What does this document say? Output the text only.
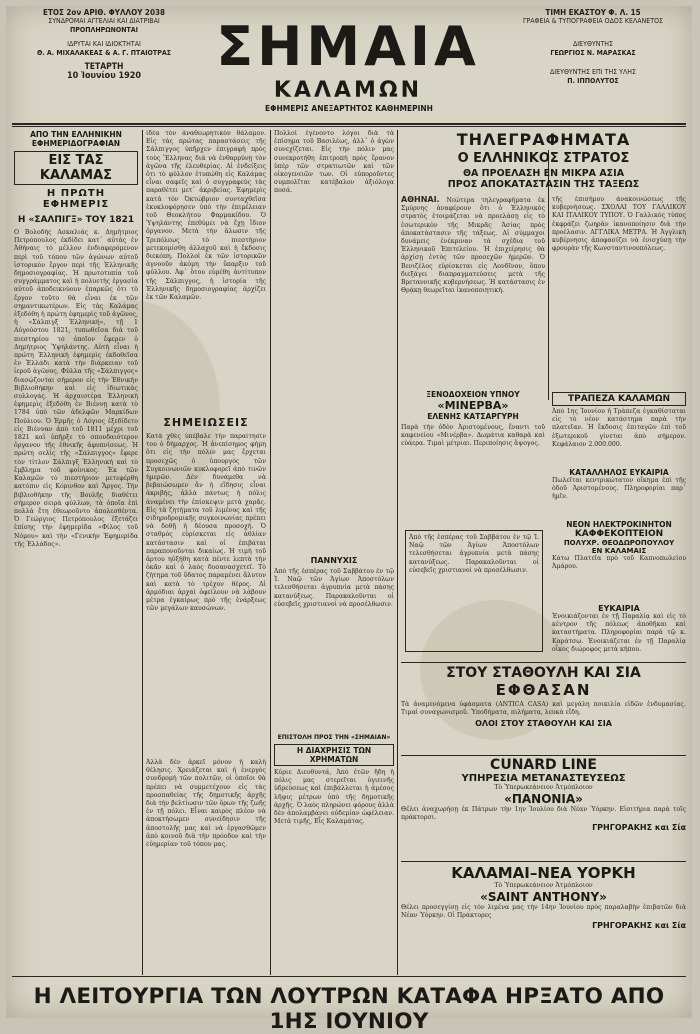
ΕΤΟΣ 2ον ΑΡΙΘ. ΦΥΛΛΟΥ 2038
ΣΥΝΔΡΟΜΑΙ ΑΓΓΕΛΙΑΙ ΚΑΙ ΔΙΑΤΡΙΒΑΙ
ΠΡΟΠΛΗΡΩΝΟΝΤΑΙ
ΙΔΡΥΤΑΙ ΚΑΙ ΙΔΙΟΚΤΗΤΑΙ
Θ. Α. ΜΙΧΑΛΑΚΕΑΣ & Α. Γ. ΠΤΑΙΟΤΡΑΣ
ΤΕΤΑΡΤΗ
10 Ἰουνίου 1920	ΣΗΜΑΙΑ
ΚΑΛΑΜΩΝ
ΕΦΗΜΕΡΙΣ ΑΝΕΞΑΡΤΗΤΟΣ ΚΑΘΗΜΕΡΙΝΗ
ΤΙΜΗ ΕΚΑΣΤΟΥ Φ. Λ. 15
ΓΡΑΦΕΙΑ & ΤΥΠΟΓΡΑΦΕΙΑ ΟΔΟΣ ΚΕΛΑΝΕΤΟΣ
ΔΙΕΥΘΥΝΤΗΣ
ΓΕΩΡΓΙΟΣ Ν. ΜΑΡΑΣΚΑΣ
ΔΙΕΥΘΥΝΤΗΣ ΕΠΙ ΤΗΣ ΥΛΗΣ
Π. ΙΠΠΟΛΥΤΟΣ
ΑΠΟ ΤΗΝ ΕΛΛΗΝΙΚΗΝ ΕΦΗΜΕΡΙΔΟΓΡΑΦΙΑΝ
ΕΙΣ ΤΑΣ ΚΑΛΑΜΑΣ
Η ΠΡΩΤΗ ΕΦΗΜΕΡΙΣ
Η «ΣΑΛΠΙΓΞ» ΤΟΥ 1821
Ο Βολοδής Ασκαλιάς κ. Δημήτριος Πετρόπουλος ἐκδίδει κατ᾽ αὐτὰς ἐν Ἀθήναις τὸ μέλλον ἐνδιαφερόμενον περὶ τοῦ τόπου τῶν ἀγώνων αὐτοῦ ἱστορικὸν ἔργον περὶ τῆς Ἑλληνικῆς δημοσιογραφίας. Ἡ πρωτοτυπία τοῦ συγγράμματος καὶ ἡ πολυετὴς ἐργασία αὐτοῦ ἀποδεικνύουν ἐπαρκῶς ὅτι τὸ ἔργον τοῦτο θὰ εἶναι ἐκ τῶν σημαντικωτέρων. Εἰς τὰς Καλάμας ἐξεδόθη ἡ πρώτη ἐφημερὶς τοῦ ἀγῶνος, ἡ «Σάλπιγξ Ἑλληνική», τῇ 1 Αὐγούστου 1821, τυπωθεῖσα διὰ τοῦ πιεστηρίου τὸ ὁποῖον ἔφερεν ὁ Δημήτριος Ὑψηλάντης. Αὐτὴ εἶναι ἡ πρώτη Ἑλληνικὴ ἐφημερὶς ἐκδοθεῖσα ἐν Ἑλλάδι κατὰ τὴν διάρκειαν τοῦ ἱεροῦ ἀγῶνος. Φύλλα τῆς «Σάλπιγγος» διασῴζονται σήμερον εἰς τὴν Ἐθνικὴν Βιβλιοθήκην καὶ εἰς ἰδιωτικὰς συλλογάς. Ἡ ἀρχαιοτέρα Ἑλληνικὴ ἐφημερὶς ἐξεδόθη ἐν Βιέννῃ κατὰ τὸ 1784 ὑπὸ τῶν ἀδελφῶν Μαρκίδων Πούλιου. Ὁ Ἑρμῆς ὁ Λόγιος ἐξεδίδετο εἰς Βιένναν ἀπὸ τοῦ 1811 μέχρι τοῦ 1821 καὶ ὑπῆρξε τὸ σπουδαιότερον ὄργανον τῆς ἐθνικῆς ἀφυπνίσεως. Ἡ πρώτη σελὶς τῆς «Σάλπιγγος» ἔφερε τὸν τίτλον Σάλπιγξ Ἑλληνική καὶ τὸ ἔμβλημα τοῦ φοίνικος. Ἐκ τῶν Καλαμῶν τὸ πιεστήριον μετεφέρθη κατόπιν εἰς Κόρινθον καὶ Ἄργος. Τὴν βιβλιοθήκην τῆς Βουλῆς διαθέτει σήμερον σειρὰ φύλλων, τὰ ὁποῖα ἐπὶ πολλὰ ἔτη ἐθεωροῦντο ἀπολεσθέντα. Ὁ Γεώργιος Πετρόπουλος ἐξετάζει ἐπίσης τὴν ἐφημερίδα «Φίλος τοῦ Νόμου» καὶ τὴν «Γενικὴν Ἐφημερίδα τῆς Ἑλλάδος».
ἰδέα τὸν ἀναθεωρητικὸν θάλαμον. Εἰς τὰς πρώτας παραστάσεις τῆς Σάλπιγγος ὑπῆρχεν ἐπιγραφὴ πρὸς τοὺς Ἕλληνας διὰ νὰ ἐνθαρρύνῃ τὸν ἀγῶνα τῆς ἐλευθερίας. Αἱ ἐνδείξεις ὅτι τὸ φύλλον ἐτυπώθη εἰς Καλάμας εἶναι σαφεῖς καὶ ὁ συγγραφεὺς τὰς παραθέτει μετ᾽ ἀκριβείας. Ἐφημερὶς κατὰ τὸν Ὀκτώβριον συνταχθεῖσα ἐκυκλοφόρησεν ὑπὸ τὴν ἐπιμέλειαν τοῦ Θεοκλήτου Φαρμακίδου. Ὁ Ὑψηλάντης ἐπεθύμει νὰ ἔχῃ ἴδιον ὄργανον. Μετὰ τὴν ἅλωσιν τῆς Τριπόλεως τὸ πιεστήριον μετεκομίσθη ἀλλαχοῦ καὶ ἡ ἔκδοσις διεκόπη. Πολλοὶ ἐκ τῶν ἱστορικῶν ἀγνοοῦν ἀκόμη τὴν ὕπαρξιν τοῦ φύλλου. Ἀφ᾽ ὅτου εὑρέθη ἀντίτυπον τῆς Σάλπιγγος, ἡ ἱστορία τῆς Ἑλληνικῆς δημοσιογραφίας ἀρχίζει ἐκ τῶν Καλαμῶν.
ΣΗΜΕΙΩΣΕΙΣ
Κατὰ χθὲς ὑπέβαλε τὴν παραίτησίν του ὁ δήμαρχος. Ἡ ἀνεπίσημος φήμη ὅτι εἰς τὴν πόλιν μας ἔρχεται προσεχῶς ὁ ὑπουργὸς τῶν Συγκοινωνιῶν κυκλοφορεῖ ἀπὸ τινῶν ἡμερῶν. Δὲν δυνάμεθα νὰ βεβαιώσωμεν ἂν ἡ εἴδησις εἶναι ἀκριβής, ἀλλὰ πάντως ἡ πόλις ἀναμένει τὴν ἐπίσκεψιν μετὰ χαρᾶς. Εἰς τὰ ζητήματα τοῦ λιμένος καὶ τῆς σιδηροδρομικῆς συγκοινωνίας πρέπει νὰ δοθῇ ἡ δέουσα προσοχή. Ὁ σταθμὸς εὑρίσκεται εἰς ἀθλίαν κατάστασιν καὶ οἱ ἐπιβάται παραπονοῦνται δικαίως. Ἡ τιμὴ τοῦ ἄρτου ηὐξήθη κατὰ πέντε λεπτὰ τὴν ὀκᾶν καὶ ὁ λαὸς δυσανασχετεῖ. Τὸ ζήτημα τοῦ ὕδατος παραμένει ἄλυτον καὶ κατὰ τὸ τρέχον θέρος. Αἱ ἀρμόδιαι ἀρχαὶ ὀφείλουν νὰ λάβουν μέτρα ἐγκαίρως πρὸ τῆς ἐνάρξεως τῶν μεγάλων καυσώνων.
Ἀλλὰ δὲν ἀρκεῖ μόνον ἡ καλὴ θέλησις. Χρειάζεται καὶ ἡ ἐνεργὸς συνδρομὴ τῶν πολιτῶν, οἱ ὁποῖοι θὰ πρέπει νὰ συμμετέχουν εἰς τὰς προσπαθείας τῆς δημοτικῆς ἀρχῆς διὰ τὴν βελτίωσιν τῶν ὅρων τῆς ζωῆς ἐν τῇ πόλει. Εἶναι καιρὸς πλέον νὰ ἀποκτήσωμεν συνείδησιν τῆς ἀποστολῆς μας καὶ νὰ ἐργασθῶμεν ἀπὸ κοινοῦ διὰ τὴν πρόοδον καὶ τὴν εὐημερίαν τοῦ τόπου μας.
Πολλοὶ ἐγένοντο λόγοι διὰ τὰ ἐπίσημα τοῦ Βασιλέως, ἀλλ᾽ ὁ ἀγὼν συνεχίζεται. Εἰς τὴν πόλιν μας συνεκροτήθη ἐπιτροπὴ πρὸς ἔρανον ὑπὲρ τῶν στρατιωτῶν καὶ τῶν οἰκογενειῶν των. Οἱ εὐποροῦντες συμπολῖται κατέβαλον ἀξιόλογα ποσά.
ΠΑΝΝΥΧΙΣ
Ἀπὸ τῆς ἑσπέρας τοῦ Σαββάτου ἐν τῷ Ἱ. Ναῷ τῶν Ἁγίων Ἀποστόλων τελεσθήσεται ἀγρυπνία μετὰ πάσης κατανύξεως. Παρακαλοῦνται οἱ εὐσεβεῖς χριστιανοὶ νὰ προσέλθωσιν.
ΕΠΙΣΤΟΛΗ ΠΡΟΣ ΤΗΝ «ΣΗΜΑΙΑΝ»
Η ΔΙΑΧΡΗΣΙΣ ΤΩΝ ΧΡΗΜΑΤΩΝ
Κύριε Διευθυντά, Ἀπὸ ἐτῶν ἤδη ἡ πόλις μας στερεῖται ὑγιεινῆς ὑδρεύσεως καὶ ἐπιβάλλεται ἡ ἀμέσος λῆψις μέτρων ὑπὸ τῆς δημοτικῆς ἀρχῆς. Ὁ λαὸς πληρώνει φόρους ἀλλὰ δὲν ἀπολαμβάνει οὐδεμίαν ὠφέλειαν. Μετὰ τιμῆς, Εἷς Καλαμάτας.
ΤΗΛΕΓΡΑΦΗΜΑΤΑ
Ο ΕΛΛΗΝΙΚΟΣ ΣΤΡΑΤΟΣ
ΘΑ ΠΡΟΕΛΑΣΗ ΕΝ ΜΙΚΡΑ ΑΣΙΑ
ΠΡΟΣ ΑΠΟΚΑΤΑΣΤΑΣΙΝ ΤΗΣ ΤΑΞΕΩΣ
ΑΘΗΝΑΙ. Νεώτερα τηλεγραφήματα ἐκ Σμύρνης ἀναφέρουν ὅτι ὁ Ἑλληνικὸς στρατὸς ἑτοιμάζεται νὰ προελάσῃ εἰς τὸ ἐσωτερικὸν τῆς Μικρᾶς Ἀσίας πρὸς ἀποκατάστασιν τῆς τάξεως. Αἱ σύμμαχοι δυνάμεις ἐνέκριναν τὰ σχέδια τοῦ Ἑλληνικοῦ Ἐπιτελείου. Ἡ ἐπιχείρησις θὰ ἀρχίσῃ ἐντὸς τῶν προσεχῶν ἡμερῶν. Ὁ Βενιζέλος εὑρίσκεται εἰς Λονδῖνον, ὅπου διεξάγει διαπραγματεύσεις μετὰ τῆς Βρεταννικῆς κυβερνήσεως. Ἡ κατάστασις ἐν Θρᾴκῃ θεωρεῖται ἰκανοποιητική.
τῆς ἐπισήμου ἀνακοινώσεως τῆς κυβερνήσεως. ΣΧΟΛΑΙ ΤΟΥ ΓΑΛΛΙΚΟΥ ΚΑΙ ΙΤΑΛΙΚΟΥ ΤΥΠΟΥ. Ὁ Γαλλικὸς τύπος ἐκφράζει ζωηρὰν ἱκανοποίησιν διὰ τὴν προέλασιν. ΑΓΓΛΙΚΑ ΜΕΤΡΑ. Ἡ Ἀγγλικὴ κυβέρνησις ἀποφασίζει νὰ ἐνισχύσῃ τὴν φρουρὰν τῆς Κωνσταντινουπόλεως.
ΞΕΝΟΔΟΧΕΙΟΝ ΥΠΝΟΥ
«ΜΙΝΕΡΒΑ»
ΕΛΕΝΗΣ ΚΑΤΣΑΡΓΥΡΗ
Παρὰ τὴν ὁδὸν Ἀριστομένους, ἔναντι τοῦ καφενείου «Μινέρβα». Δωμάτια καθαρὰ καὶ εὐάερα. Τιμαὶ μέτριαι. Περιποίησις ἄψογος.
Ἀπὸ τῆς ἑσπέρας τοῦ Σαββάτου ἐν τῷ Ἱ. Ναῷ τῶν Ἁγίων Ἀποστόλων τελεσθήσεται ἀγρυπνία μετὰ πάσης κατανύξεως. Παρακαλοῦνται οἱ εὐσεβεῖς χριστιανοὶ νὰ προσέλθωσιν.
ΤΡΑΠΕΖΑ ΚΑΛΑΜΩΝ
Ἀπὸ 1ης Ἰουνίου ἡ Τράπεζα ἐγκαθίσταται εἰς τὸ νέον κατάστημα παρὰ τὴν πλατεῖαν. Ἡ ἔκδοσις ἐπιταγῶν ἐπὶ τοῦ ἐξωτερικοῦ γίνεται ἀπὸ σήμερον. Κεφάλαιον 2.000.000.
ΚΑΤΑΛΛΗΛΟΣ ΕΥΚΑΙΡΙΑ
Πωλεῖται κεντρικώτατον οἴκημα ἐπὶ τῆς ὁδοῦ Ἀριστομένους. Πληροφορίαι παρ᾽ ἡμῖν.
ΝΕΟΝ ΗΛΕΚΤΡΟΚΙΝΗΤΟΝ
ΚΑΦΦΕΚΟΠΤΕΙΟΝ
ΠΟΛΥΧΡ. ΘΕΟΔΩΡΟΠΟΥΛΟΥ
ΕΝ ΚΑΛΑΜΑΙΣ
Κάτω Πλατεῖα πρὸ τοῦ Καπνοπωλείου Ἀμάρου.
ΕΥΚΑΙΡΙΑ
Ἐνοικιάζονται ἐν τῇ Παραλίᾳ καὶ εἰς τὸ κέντρον τῆς πόλεως ἀποθῆκαι καὶ καταστήματα. Πληροφορίαι παρὰ τῷ κ. Καράτσῳ. Ἐνοικιάζεται ἐν τῇ Παραλίᾳ οἶκος διώροφος μετὰ κήπου.
ΣΤΟΥ ΣΤΑΘΟΥΛΗ ΚΑΙ ΣΙΑ
ΕΦΘΑΣΑΝ
Τὰ ἀναμενόμενα ὑφάσματα (ANTICA CASA) καὶ μεγάλη ποικιλία εἰδῶν ἐνδυμασίας. Τιμαὶ συναγωνισμοῦ. Ὑποδήματα, πιλήματα, λευκὰ εἴδη.
ΟΛΟΙ ΣΤΟΥ ΣΤΑΘΟΥΛΗ ΚΑΙ ΣΙΑ
CUNARD LINE
ΥΠΗΡΕΣΙΑ ΜΕΤΑΝΑΣΤΕΥΣΕΩΣ
Τὸ Ὑπερωκεάνειον Ἀτμόπλοιον
«ΠΑΝΟΝΙΑ»
Θέλει ἀναχωρήσῃ ἐκ Πάτρων τὴν 1ην Ἰουλίου διὰ Νέαν Ὑόρκην. Εἰσιτήρια παρὰ τοῖς πράκτορσι.
ΓΡΗΓΟΡΑΚΗΣ και Σία
ΚΑΛΑΜΑΙ–ΝΕΑ ΥΟΡΚΗ
Τὸ Ὑπερωκεάνειον Ἀτμόπλοιον
«SAINT ANTHONY»
Θέλει προσεγγίσῃ εἰς τὸν λιμένα μας τὴν 14ην Ἰουνίου πρὸς παραλαβὴν ἐπιβατῶν διὰ Νέαν Ὑόρκην. Οἱ Πράκτορες
ΓΡΗΓΟΡΑΚΗΣ και Σία
Η ΛΕΙΤΟΥΡΓΙΑ ΤΩΝ ΛΟΥΤΡΩΝ ΚΑΤΑΦΑ ΗΡΞΑΤΟ ΑΠΟ 1ΗΣ ΙΟΥΝΙΟΥ
